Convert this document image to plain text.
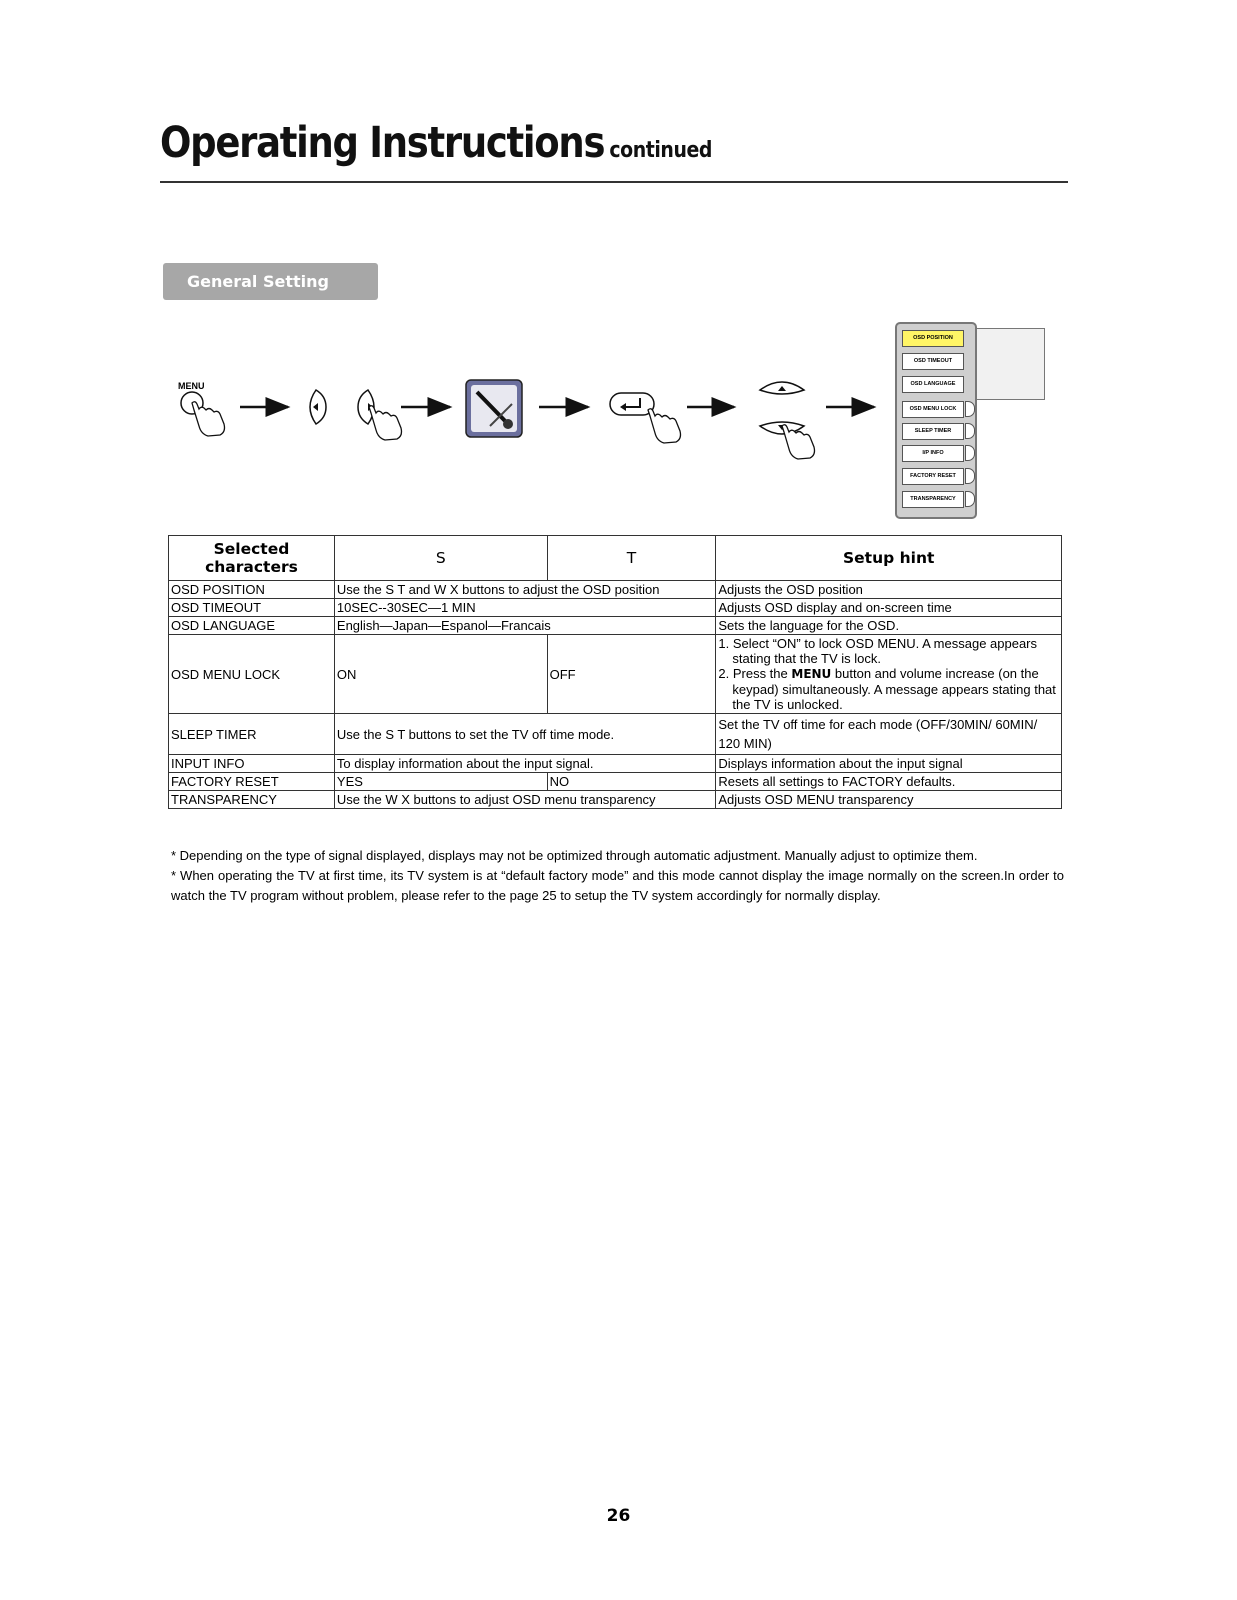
Operating Instructions continued
General Setting
MENU
OSD POSITION
OSD TIMEOUT
OSD LANGUAGE
OSD MENU LOCK
SLEEP TIMER
I/P INFO
FACTORY RESET
TRANSPARENCY
Selected characters	S	T	Setup hint
OSD POSITION	Use the S T and W X buttons to adjust the OSD position		Adjusts the OSD position
OSD TIMEOUT	10SEC--30SEC—1 MIN		Adjusts OSD display and on-screen time
OSD LANGUAGE	English—Japan—Espanol—Francais		Sets the language for the OSD.
OSD MENU LOCK	ON	OFF	1. Select “ON” to lock OSD MENU. A message appears stating that the TV is lock.

2. Press the MENU button and volume increase (on the keypad) simultaneously. A message appears stating that the TV is unlocked.

SLEEP TIMER	Use the S T buttons to set the TV off time mode.		Set the TV off time for each mode (OFF/30MIN/ 60MIN/ 120 MIN)
INPUT INFO	To display information about the input signal.		Displays information about the input signal
FACTORY RESET	YES	NO	Resets all settings to FACTORY defaults.
TRANSPARENCY	Use the W X buttons to adjust OSD menu transparency		Adjusts OSD MENU transparency

* Depending on the type of signal displayed, displays may not be optimized through automatic adjustment. Manually adjust to optimize them.

* When operating the TV at first time, its TV system is at “default factory mode” and this mode cannot display the image normally on the screen.In order to watch the TV program without problem, please refer to the page 25 to setup the TV system accordingly for normally display.

26
